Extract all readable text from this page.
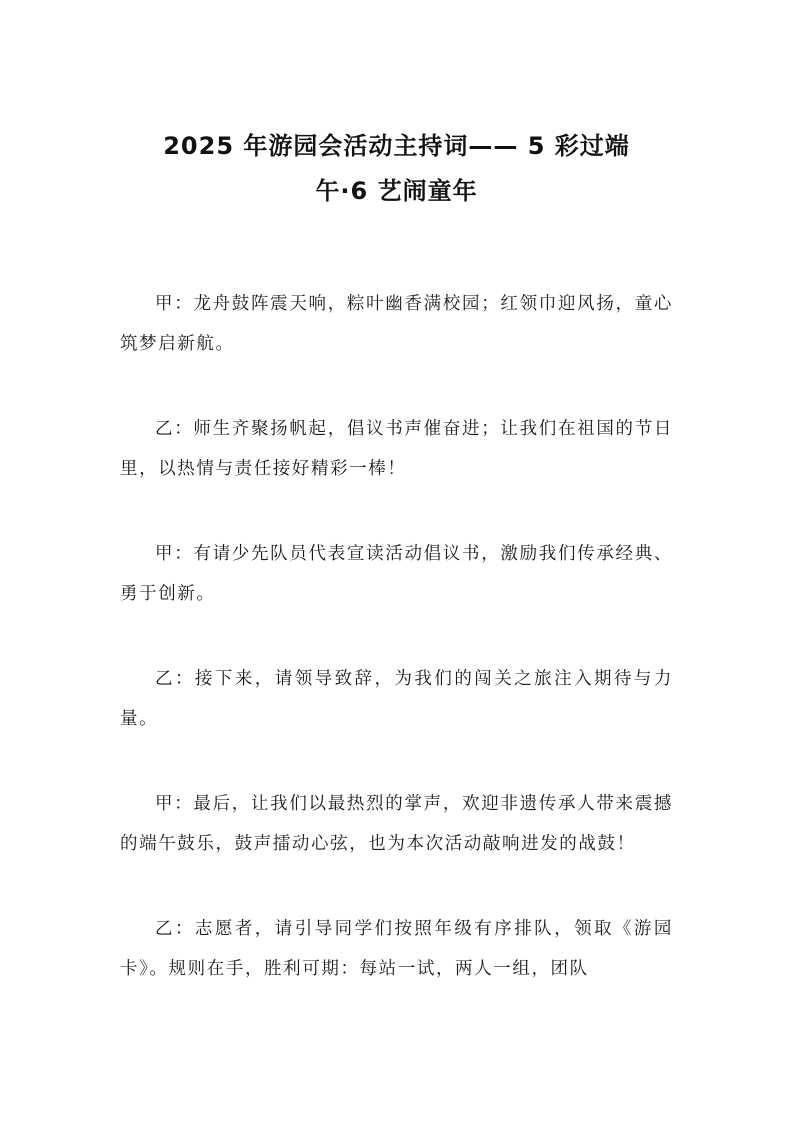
2025 年游园会活动主持词—— 5 彩过端
午·6 艺闹童年

甲：龙舟鼓阵震天响，粽叶幽香满校园；红领巾迎风扬，童心筑梦启新航。

乙：师生齐聚扬帆起，倡议书声催奋进；让我们在祖国的节日里，以热情与责任接好精彩一棒！

甲：有请少先队员代表宣读活动倡议书，激励我们传承经典、勇于创新。

乙：接下来，请领导致辞，为我们的闯关之旅注入期待与力量。

甲：最后，让我们以最热烈的掌声，欢迎非遗传承人带来震撼的端午鼓乐，鼓声擂动心弦，也为本次活动敲响进发的战鼓！

乙：志愿者，请引导同学们按照年级有序排队，领取《游园卡》。规则在手，胜利可期：每站一试，两人一组，团队
